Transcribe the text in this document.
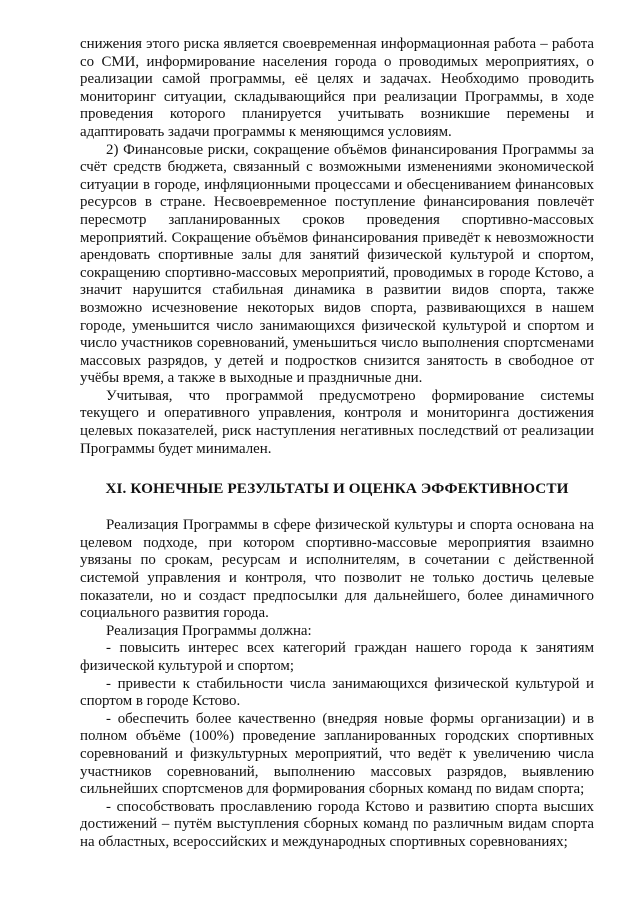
снижения этого риска является своевременная информационная работа – работа со СМИ, информирование населения города о проводимых мероприятиях, о реализации самой программы, её целях и задачах. Необходимо проводить мониторинг ситуации, складывающийся при реализации Программы, в ходе проведения которого планируется учитывать возникшие перемены и адаптировать задачи программы к меняющимся условиям.

2) Финансовые риски, сокращение объёмов финансирования Программы за счёт средств бюджета, связанный с возможными изменениями экономической ситуации в городе, инфляционными процессами и обесцениванием финансовых ресурсов в стране. Несвоевременное поступление финансирования повлечёт пересмотр запланированных сроков проведения спортивно-массовых мероприятий. Сокращение объёмов финансирования приведёт к невозможности арендовать спортивные залы для занятий физической культурой и спортом, сокращению спортивно-массовых мероприятий, проводимых в городе Кстово, а значит нарушится стабильная динамика в развитии видов спорта, также возможно исчезновение некоторых видов спорта, развивающихся в нашем городе, уменьшится число занимающихся физической культурой и спортом и число участников соревнований, уменьшиться число выполнения спортсменами массовых разрядов, у детей и подростков снизится занятость в свободное от учёбы время, а также в выходные и праздничные дни.

Учитывая, что программой предусмотрено формирование системы текущего и оперативного управления, контроля и мониторинга достижения целевых показателей, риск наступления негативных последствий от реализации Программы будет минимален.

XI. КОНЕЧНЫЕ РЕЗУЛЬТАТЫ И ОЦЕНКА ЭФФЕКТИВНОСТИ

Реализация Программы в сфере физической культуры и спорта основана на целевом подходе, при котором спортивно-массовые мероприятия взаимно увязаны по срокам, ресурсам и исполнителям, в сочетании с действенной системой управления и контроля, что позволит не только достичь целевые показатели, но и создаст предпосылки для дальнейшего, более динамичного социального развития города.

Реализация Программы должна:

- повысить интерес всех категорий граждан нашего города к занятиям физической культурой и спортом;

- привести к стабильности числа занимающихся физической культурой и спортом в городе Кстово.

- обеспечить более качественно (внедряя новые формы организации) и в полном объёме (100%) проведение запланированных городских спортивных соревнований и физкультурных мероприятий, что ведёт к увеличению числа участников соревнований, выполнению массовых разрядов, выявлению сильнейших спортсменов для формирования сборных команд по видам спорта;

- способствовать прославлению города Кстово и развитию спорта высших достижений – путём выступления сборных команд по различным видам спорта на областных, всероссийских и международных спортивных соревнованиях;
